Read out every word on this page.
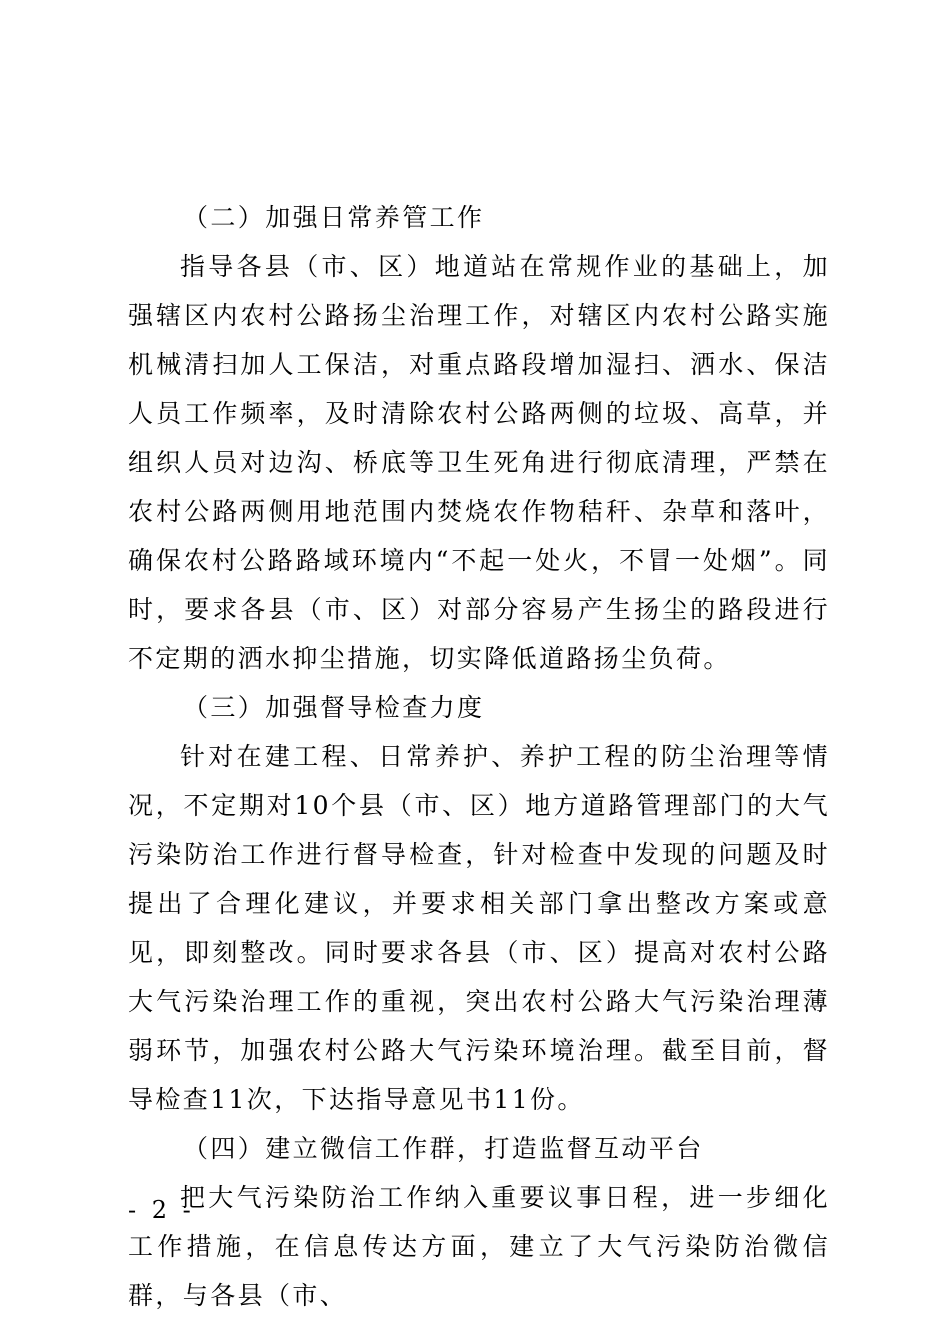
（二）加强日常养管工作

指导各县（市、区）地道站在常规作业的基础上，加强辖区内农村公路扬尘治理工作，对辖区内农村公路实施机械清扫加人工保洁，对重点路段增加湿扫、洒水、保洁人员工作频率，及时清除农村公路两侧的垃圾、高草，并组织人员对边沟、桥底等卫生死角进行彻底清理，严禁在农村公路两侧用地范围内焚烧农作物秸秆、杂草和落叶，确保农村公路路域环境内“不起一处火，不冒一处烟”。同时，要求各县（市、区）对部分容易产生扬尘的路段进行不定期的洒水抑尘措施，切实降低道路扬尘负荷。

（三）加强督导检查力度

针对在建工程、日常养护、养护工程的防尘治理等情况，不定期对10个县（市、区）地方道路管理部门的大气污染防治工作进行督导检查，针对检查中发现的问题及时提出了合理化建议，并要求相关部门拿出整改方案或意见，即刻整改。同时要求各县（市、区）提高对农村公路大气污染治理工作的重视，突出农村公路大气污染治理薄弱环节，加强农村公路大气污染环境治理。截至目前，督导检查11次，下达指导意见书11份。

（四）建立微信工作群，打造监督互动平台

把大气污染防治工作纳入重要议事日程，进一步细化工作措施，在信息传达方面，建立了大气污染防治微信群，与各县（市、

- 2 -
